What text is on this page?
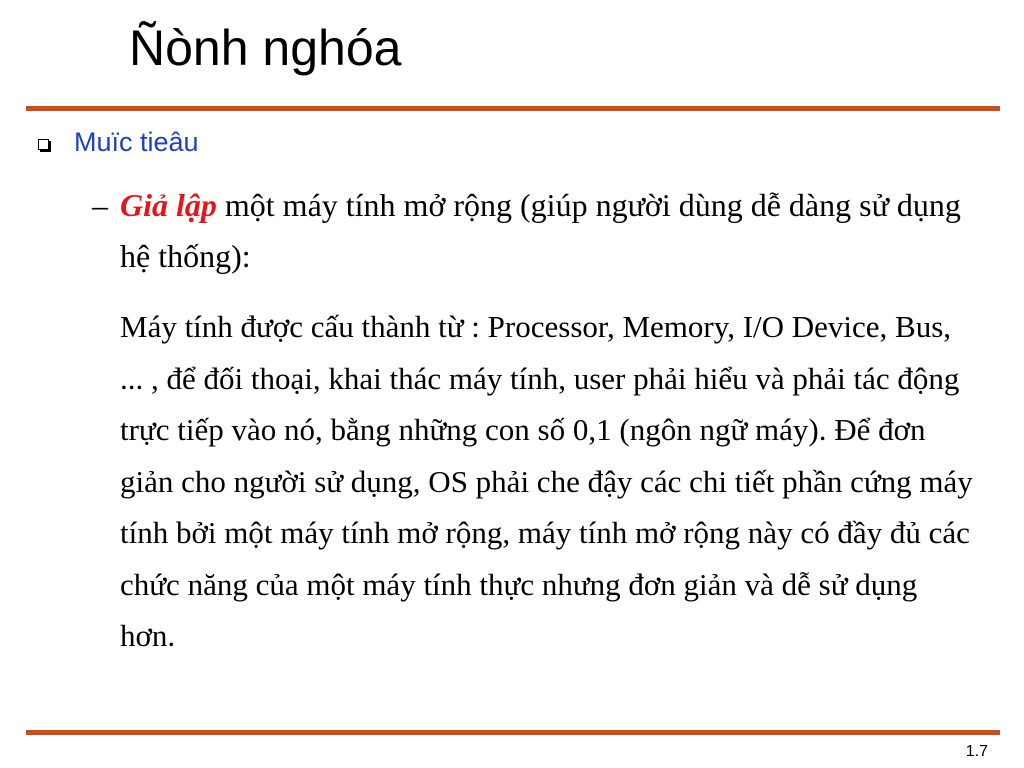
Ñònh nghóa
Muïc tieâu
– Giả lập một máy tính mở rộng (giúp người dùng dễ dàng sử dụng hệ thống):

Máy tính được cấu thành từ : Processor, Memory, I/O Device, Bus, ... , để đối thoại, khai thác máy tính, user phải hiểu và phải tác động trực tiếp vào nó, bằng những con số 0,1 (ngôn ngữ máy). Để đơn giản cho người sử dụng, OS phải che đậy các chi tiết phần cứng máy tính bởi một máy tính mở rộng, máy tính mở rộng này có đầy đủ các chức năng của một máy tính thực nhưng đơn giản và dễ sử dụng hơn.

1.7
